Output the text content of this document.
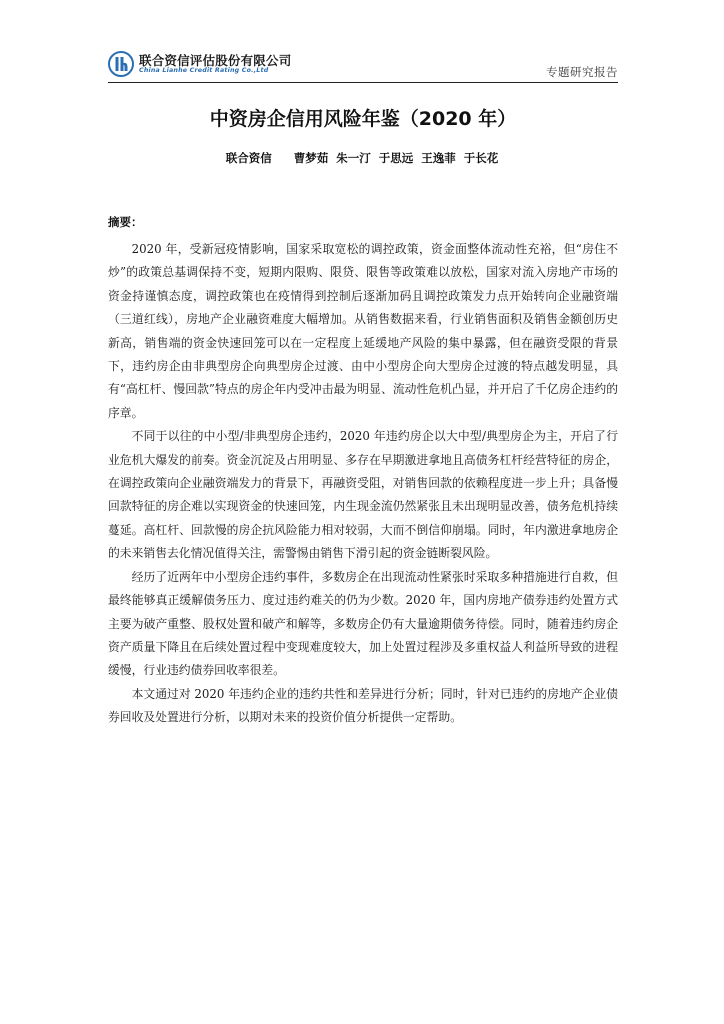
联合资信评估股份有限公司
China Lianhe Credit Rating Co.,Ltd	专题研究报告
中资房企信用风险年鉴（2020 年）
联合资信 曹梦茹 朱一汀 于思远 王逸菲 于长花
摘要：

2020 年，受新冠疫情影响，国家采取宽松的调控政策，资金面整体流动性充裕，但“房住不炒”的政策总基调保持不变，短期内限购、限贷、限售等政策难以放松，国家对流入房地产市场的资金持谨慎态度，调控政策也在疫情得到控制后逐渐加码且调控政策发力点开始转向企业融资端（三道红线），房地产企业融资难度大幅增加。从销售数据来看，行业销售面积及销售金额创历史新高，销售端的资金快速回笼可以在一定程度上延缓地产风险的集中暴露，但在融资受限的背景下，违约房企由非典型房企向典型房企过渡、由中小型房企向大型房企过渡的特点越发明显，具有“高杠杆、慢回款”特点的房企年内受冲击最为明显、流动性危机凸显，并开启了千亿房企违约的序章。

不同于以往的中小型/非典型房企违约，2020 年违约房企以大中型/典型房企为主，开启了行业危机大爆发的前奏。资金沉淀及占用明显、多存在早期激进拿地且高债务杠杆经营特征的房企，在调控政策向企业融资端发力的背景下，再融资受阻，对销售回款的依赖程度进一步上升；具备慢回款特征的房企难以实现资金的快速回笼，内生现金流仍然紧张且未出现明显改善，债务危机持续蔓延。高杠杆、回款慢的房企抗风险能力相对较弱，大而不倒信仰崩塌。同时，年内激进拿地房企的未来销售去化情况值得关注，需警惕由销售下滑引起的资金链断裂风险。

经历了近两年中小型房企违约事件，多数房企在出现流动性紧张时采取多种措施进行自救，但最终能够真正缓解债务压力、度过违约难关的仍为少数。2020 年，国内房地产债券违约处置方式主要为破产重整、股权处置和破产和解等，多数房企仍有大量逾期债务待偿。同时，随着违约房企资产质量下降且在后续处置过程中变现难度较大，加上处置过程涉及多重权益人利益所导致的进程缓慢，行业违约债券回收率很差。

本文通过对 2020 年违约企业的违约共性和差异进行分析；同时，针对已违约的房地产企业债券回收及处置进行分析，以期对未来的投资价值分析提供一定帮助。
